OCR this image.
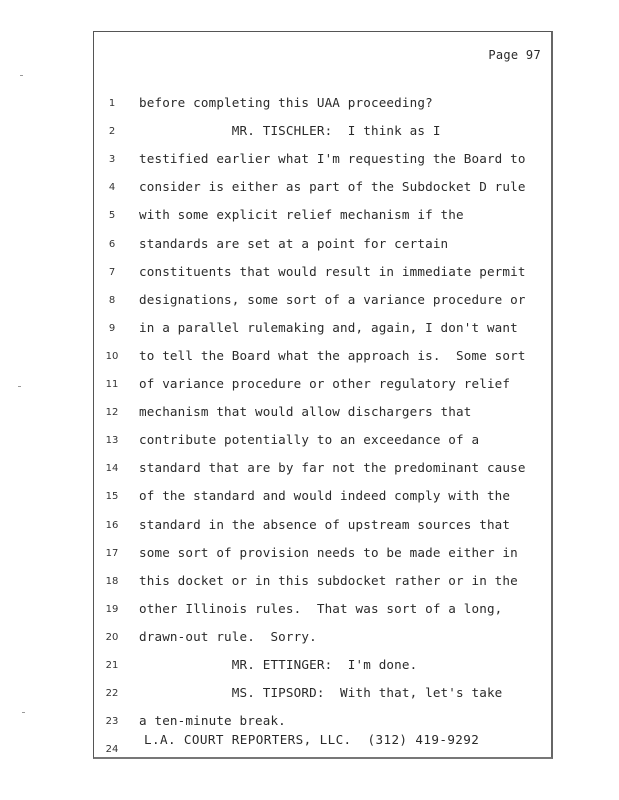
Page 97
1	before completing this UAA proceeding?
2	MR. TISCHLER:  I think as I
3	testified earlier what I'm requesting the Board to
4	consider is either as part of the Subdocket D rule
5	with some explicit relief mechanism if the
6	standards are set at a point for certain
7	constituents that would result in immediate permit
8	designations, some sort of a variance procedure or
9	in a parallel rulemaking and, again, I don't want
10 to tell the Board what the approach is.  Some sort
11 of variance procedure or other regulatory relief
12 mechanism that would allow dischargers that
13 contribute potentially to an exceedance of a
14 standard that are by far not the predominant cause
15 of the standard and would indeed comply with the
16 standard in the absence of upstream sources that
17 some sort of provision needs to be made either in
18 this docket or in this subdocket rather or in the
19 other Illinois rules.  That was sort of a long,
20 drawn-out rule.  Sorry.
21 MR. ETTINGER:  I'm done.
22 MS. TIPSORD:  With that, let's take
23 a ten-minute break.
24
L.A. COURT REPORTERS, LLC.  (312) 419-9292
